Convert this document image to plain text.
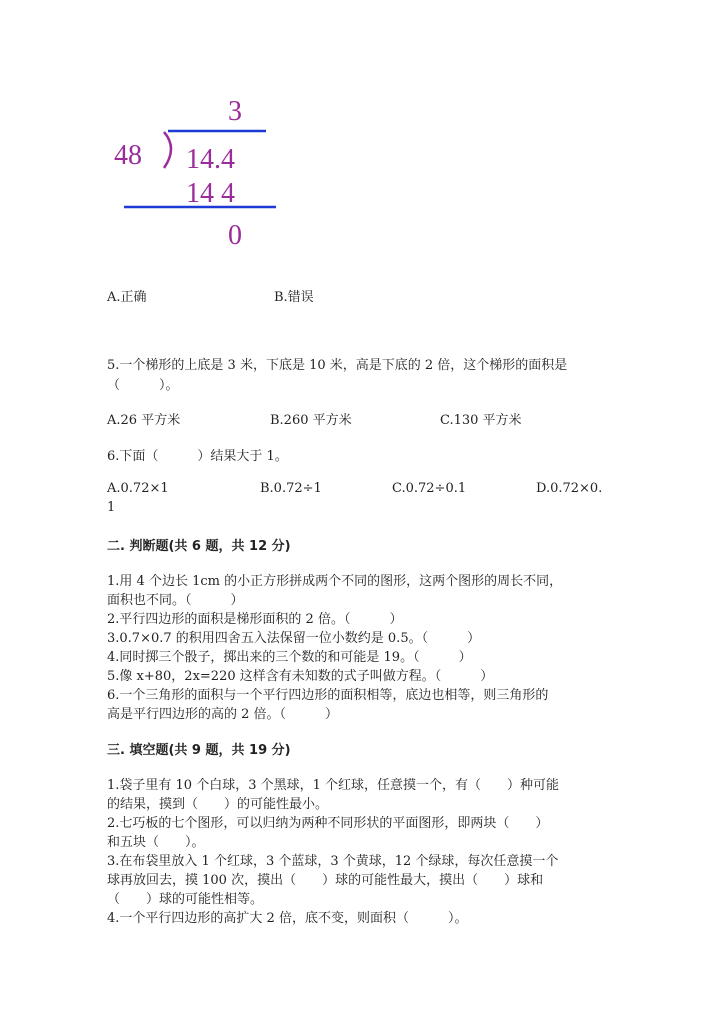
3
48 14.4
14 4
0
A.正确	B.错误
5.一个梯形的上底是 3 米，下底是 10 米，高是下底的 2 倍，这个梯形的面积是
（　　　）。
A.26 平方米	B.260 平方米	C.130 平方米
6.下面（　　　）结果大于 1。
A.0.72×1	B.0.72÷1	C.0.72÷0.1	D.0.72×0.
1
二. 判断题(共 6 题，共 12 分)
1.用 4 个边长 1cm 的小正方形拼成两个不同的图形，这两个图形的周长不同，
面积也不同。（　　　）
2.平行四边形的面积是梯形面积的 2 倍。（　　　）
3.0.7×0.7 的积用四舍五入法保留一位小数约是 0.5。（　　　）
4.同时掷三个骰子，掷出来的三个数的和可能是 19。（　　　）
5.像 x+80，2x=220 这样含有未知数的式子叫做方程。（　　　）
6.一个三角形的面积与一个平行四边形的面积相等，底边也相等，则三角形的
高是平行四边形的高的 2 倍。（　　　）
三. 填空题(共 9 题，共 19 分)
1.袋子里有 10 个白球，3 个黑球，1 个红球，任意摸一个，有（　　）种可能
的结果，摸到（　　）的可能性最小。
2.七巧板的七个图形，可以归纳为两种不同形状的平面图形，即两块（　　）
和五块（　　）。
3.在布袋里放入 1 个红球，3 个蓝球，3 个黄球，12 个绿球，每次任意摸一个
球再放回去，摸 100 次，摸出（　　）球的可能性最大，摸出（　　）球和
（　　）球的可能性相等。
4.一个平行四边形的高扩大 2 倍，底不变，则面积（　　　）。
